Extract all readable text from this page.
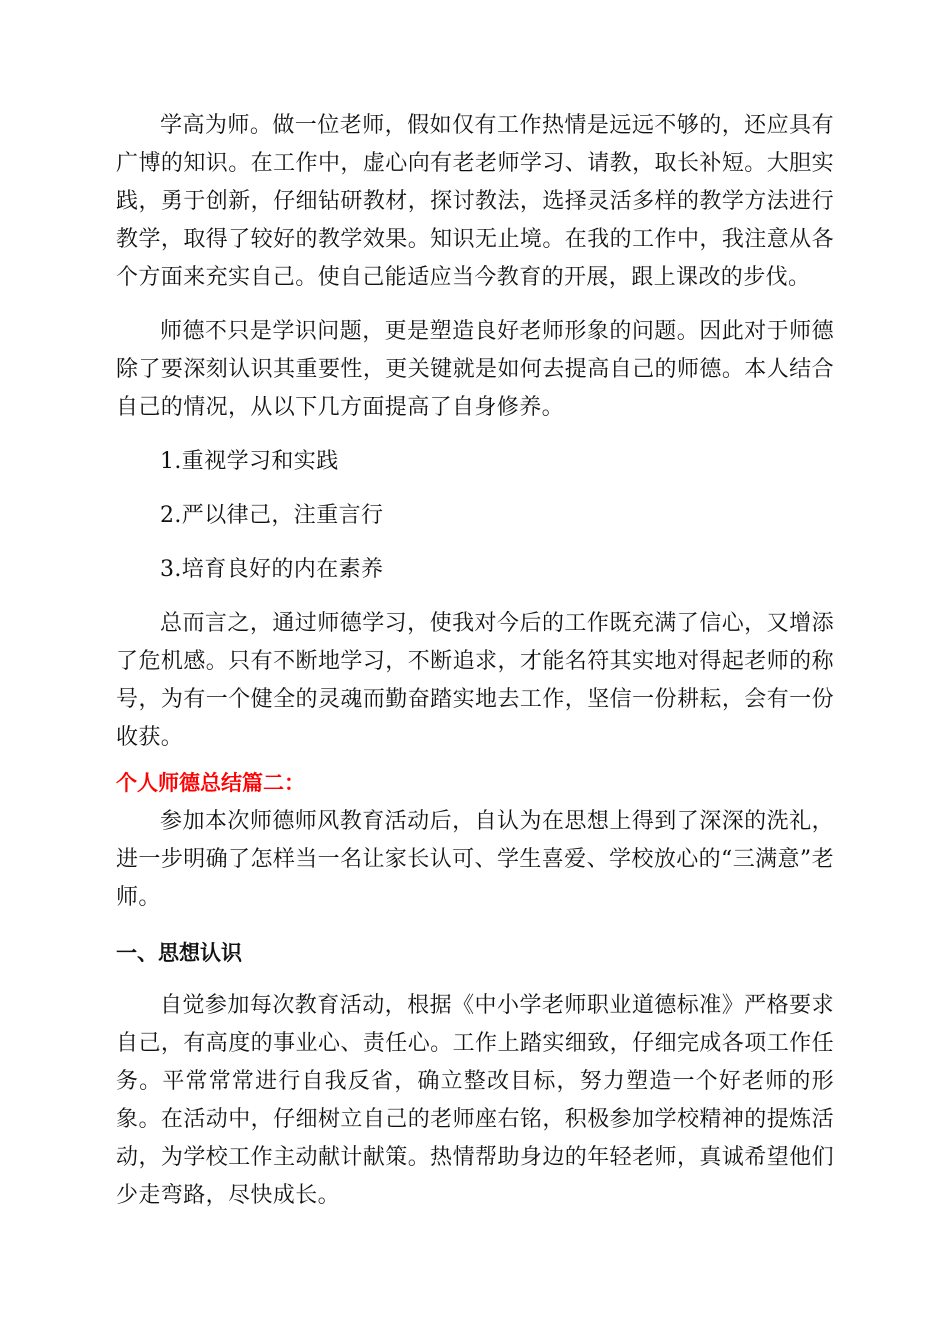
学高为师。做一位老师，假如仅有工作热情是远远不够的，还应具有广博的知识。在工作中，虚心向有老老师学习、请教，取长补短。大胆实践，勇于创新，仔细钻研教材，探讨教法，选择灵活多样的教学方法进行教学，取得了较好的教学效果。知识无止境。在我的工作中，我注意从各个方面来充实自己。使自己能适应当今教育的开展，跟上课改的步伐。

师德不只是学识问题，更是塑造良好老师形象的问题。因此对于师德除了要深刻认识其重要性，更关键就是如何去提高自己的师德。本人结合自己的情况，从以下几方面提高了自身修养。

1.重视学习和实践

2.严以律己，注重言行

3.培育良好的内在素养

总而言之，通过师德学习，使我对今后的工作既充满了信心，又增添了危机感。只有不断地学习，不断追求，才能名符其实地对得起老师的称号，为有一个健全的灵魂而勤奋踏实地去工作，坚信一份耕耘，会有一份收获。

个人师德总结篇二：

参加本次师德师风教育活动后，自认为在思想上得到了深深的洗礼，进一步明确了怎样当一名让家长认可、学生喜爱、学校放心的“三满意”老师。

一、思想认识

自觉参加每次教育活动，根据《中小学老师职业道德标准》严格要求自己，有高度的事业心、责任心。工作上踏实细致，仔细完成各项工作任务。平常常常进行自我反省，确立整改目标，努力塑造一个好老师的形象。在活动中，仔细树立自己的老师座右铭，积极参加学校精神的提炼活动，为学校工作主动献计献策。热情帮助身边的年轻老师，真诚希望他们少走弯路，尽快成长。
